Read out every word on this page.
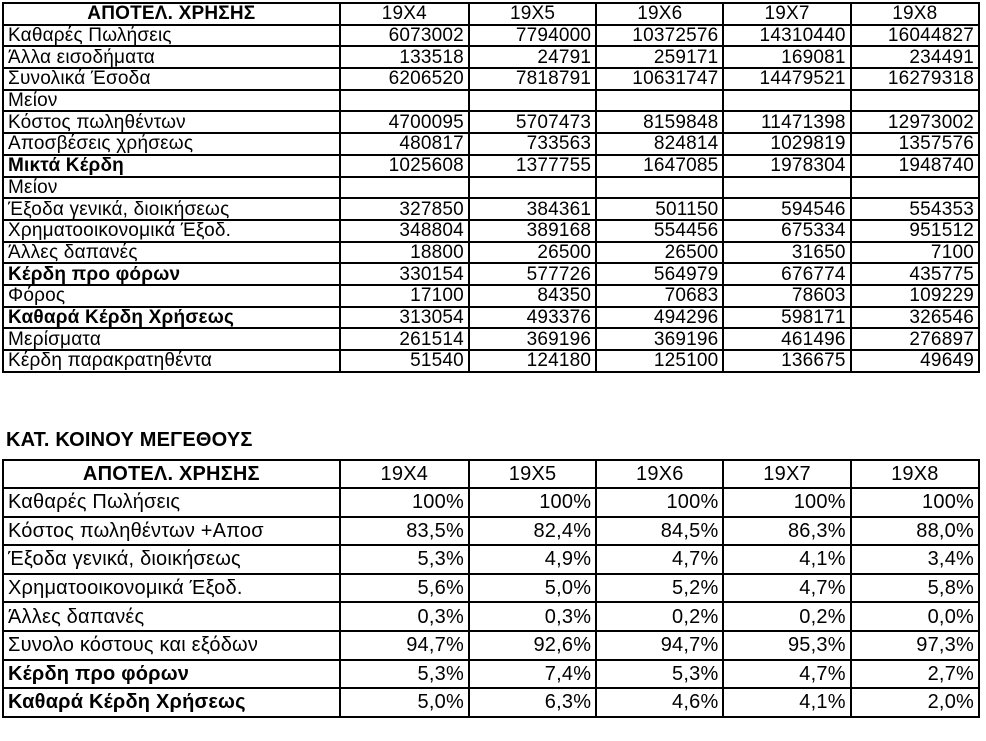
ΑΠΟΤΕΛ. ΧΡΗΣΗΣ	19Χ4	19Χ5	19Χ6	19Χ7	19Χ8
Καθαρές Πωλήσεις	6073002	7794000	10372576	14310440	16044827
Άλλα εισοδήματα	133518	24791	259171	169081	234491
Συνολικά Έσοδα	6206520	7818791	10631747	14479521	16279318
Μείον					
Κόστος πωληθέντων	4700095	5707473	8159848	11471398	12973002
Αποσβέσεις χρήσεως	480817	733563	824814	1029819	1357576
Μικτά Κέρδη	1025608	1377755	1647085	1978304	1948740
Μείον					
Έξοδα γενικά, διοικήσεως	327850	384361	501150	594546	554353
Χρηματοοικονομικά Έξοδ.	348804	389168	554456	675334	951512
Άλλες δαπανές	18800	26500	26500	31650	7100
Κέρδη προ φόρων	330154	577726	564979	676774	435775
Φόρος	17100	84350	70683	78603	109229
Καθαρά Κέρδη Χρήσεως	313054	493376	494296	598171	326546
Μερίσματα	261514	369196	369196	461496	276897
Κέρδη παρακρατηθέντα	51540	124180	125100	136675	49649
ΚΑΤ. ΚΟΙΝΟΥ ΜΕΓΕΘΟΥΣ
ΑΠΟΤΕΛ. ΧΡΗΣΗΣ	19Χ4	19Χ5	19Χ6	19Χ7	19Χ8
Καθαρές Πωλήσεις	100%	100%	100%	100%	100%
Κόστος πωληθέντων +Αποσ	83,5%	82,4%	84,5%	86,3%	88,0%
Έξοδα γενικά, διοικήσεως	5,3%	4,9%	4,7%	4,1%	3,4%
Χρηματοοικονομικά Έξοδ.	5,6%	5,0%	5,2%	4,7%	5,8%
Άλλες δαπανές	0,3%	0,3%	0,2%	0,2%	0,0%
Συνολο κόστους και εξόδων	94,7%	92,6%	94,7%	95,3%	97,3%
Κέρδη προ φόρων	5,3%	7,4%	5,3%	4,7%	2,7%
Καθαρά Κέρδη Χρήσεως	5,0%	6,3%	4,6%	4,1%	2,0%
